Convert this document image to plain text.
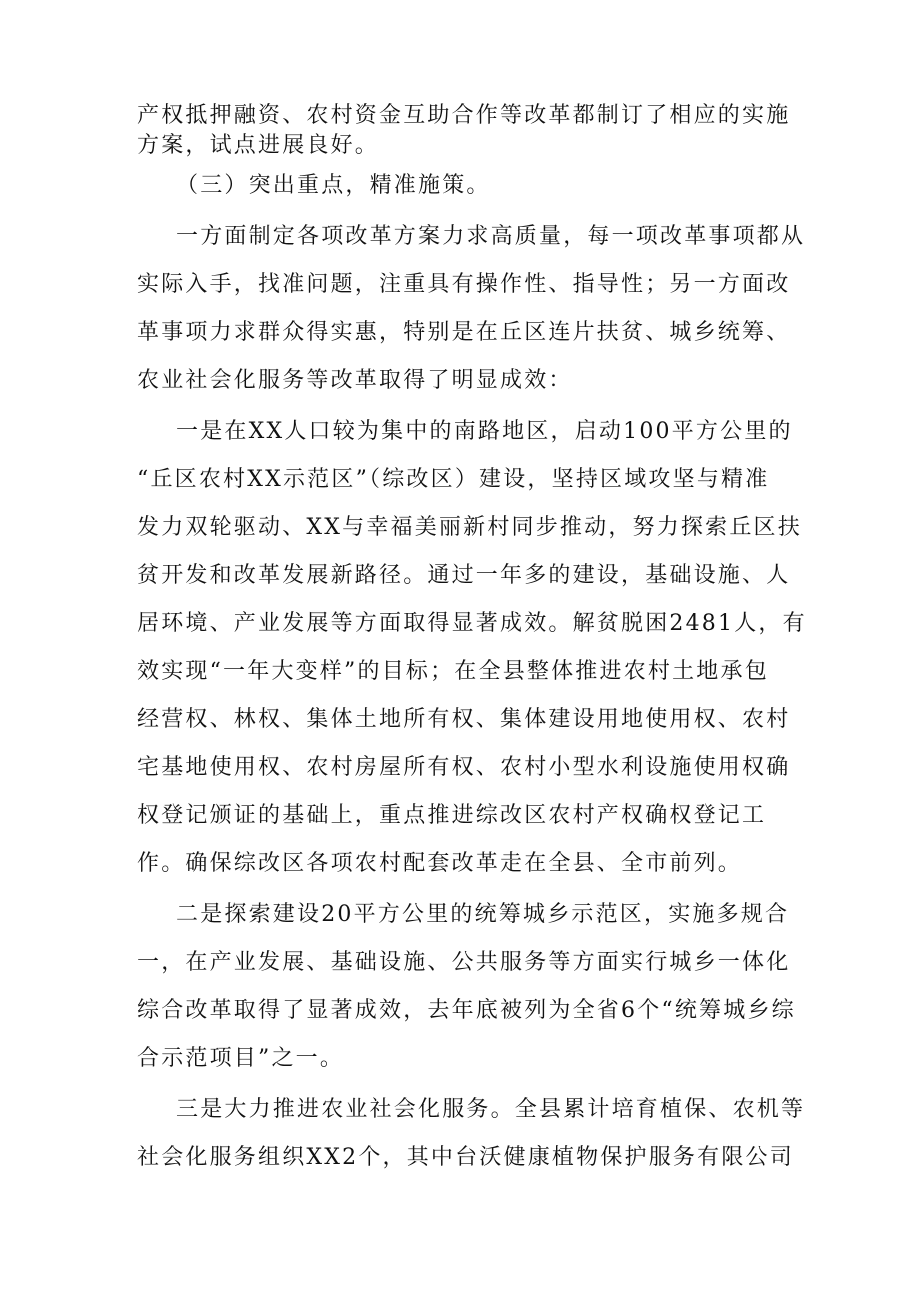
产权抵押融资、农村资金互助合作等改革都制订了相应的实施
方案，试点进展良好。
（三）突出重点，精准施策。
一方面制定各项改革方案力求高质量，每一项改革事项都从
实际入手，找准问题，注重具有操作性、指导性；另一方面改
革事项力求群众得实惠，特别是在丘区连片扶贫、城乡统筹、
农业社会化服务等改革取得了明显成效：
一是在XX人口较为集中的南路地区，启动100平方公里的
“丘区农村XX示范区”（综改区）建设，坚持区域攻坚与精准
发力双轮驱动、XX与幸福美丽新村同步推动，努力探索丘区扶
贫开发和改革发展新路径。通过一年多的建设，基础设施、人
居环境、产业发展等方面取得显著成效。解贫脱困2481人，有
效实现“一年大变样”的目标；在全县整体推进农村土地承包
经营权、林权、集体土地所有权、集体建设用地使用权、农村
宅基地使用权、农村房屋所有权、农村小型水利设施使用权确
权登记颁证的基础上，重点推进综改区农村产权确权登记工
作。确保综改区各项农村配套改革走在全县、全市前列。
二是探索建设20平方公里的统筹城乡示范区，实施多规合
一，在产业发展、基础设施、公共服务等方面实行城乡一体化
综合改革取得了显著成效，去年底被列为全省6个“统筹城乡综
合示范项目”之一。
三是大力推进农业社会化服务。全县累计培育植保、农机等
社会化服务组织XX2个，其中台沃健康植物保护服务有限公司
